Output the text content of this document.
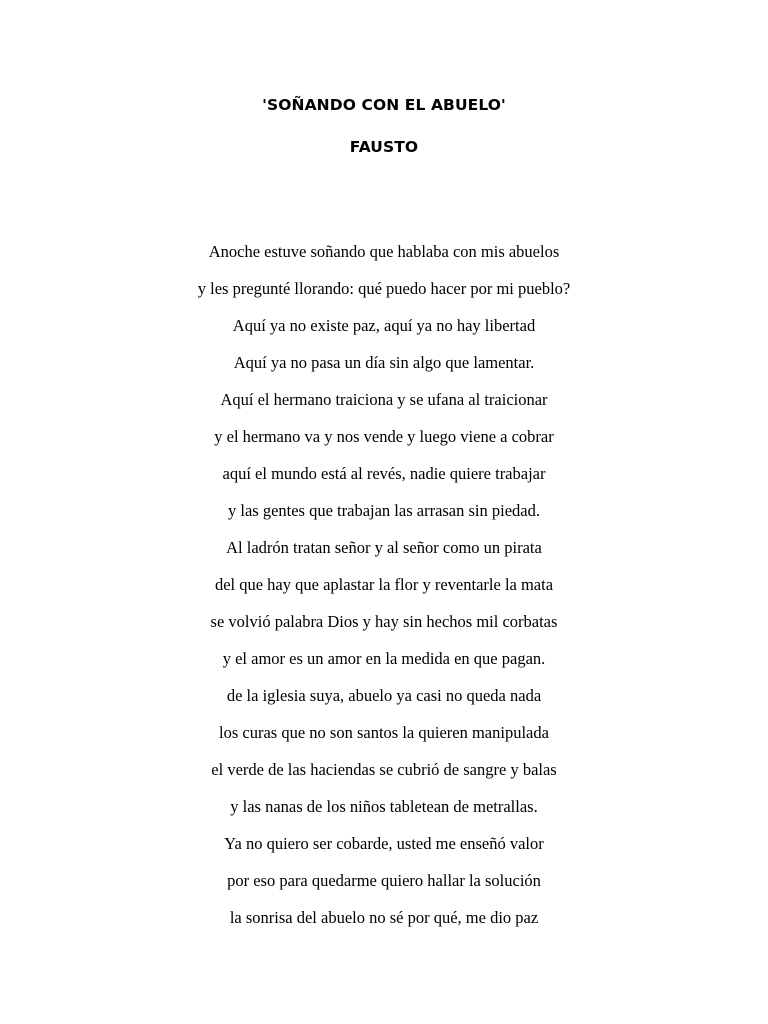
'SOÑANDO CON EL ABUELO'
FAUSTO
Anoche estuve soñando que hablaba con mis abuelos
y les pregunté llorando: qué puedo hacer por mi pueblo?
Aquí ya no existe paz, aquí ya no hay libertad
Aquí ya no pasa un día sin algo que lamentar.
Aquí el hermano traiciona y se ufana al traicionar
y el hermano va y nos vende y luego viene a cobrar
aquí el mundo está al revés, nadie quiere trabajar
y las gentes que trabajan las arrasan sin piedad.
Al ladrón tratan señor y al señor como un pirata
del que hay que aplastar la flor y reventarle la mata
se volvió palabra Dios y hay sin hechos mil corbatas
y el amor es un amor en la medida en que pagan.
de la iglesia suya, abuelo ya casi no queda nada
los curas que no son santos la quieren manipulada
el verde de las haciendas se cubrió de sangre y balas
y las nanas de los niños tabletean de metrallas.
Ya no quiero ser cobarde, usted me enseñó valor
por eso para quedarme quiero hallar la solución
la sonrisa del abuelo no sé por qué, me dio paz
